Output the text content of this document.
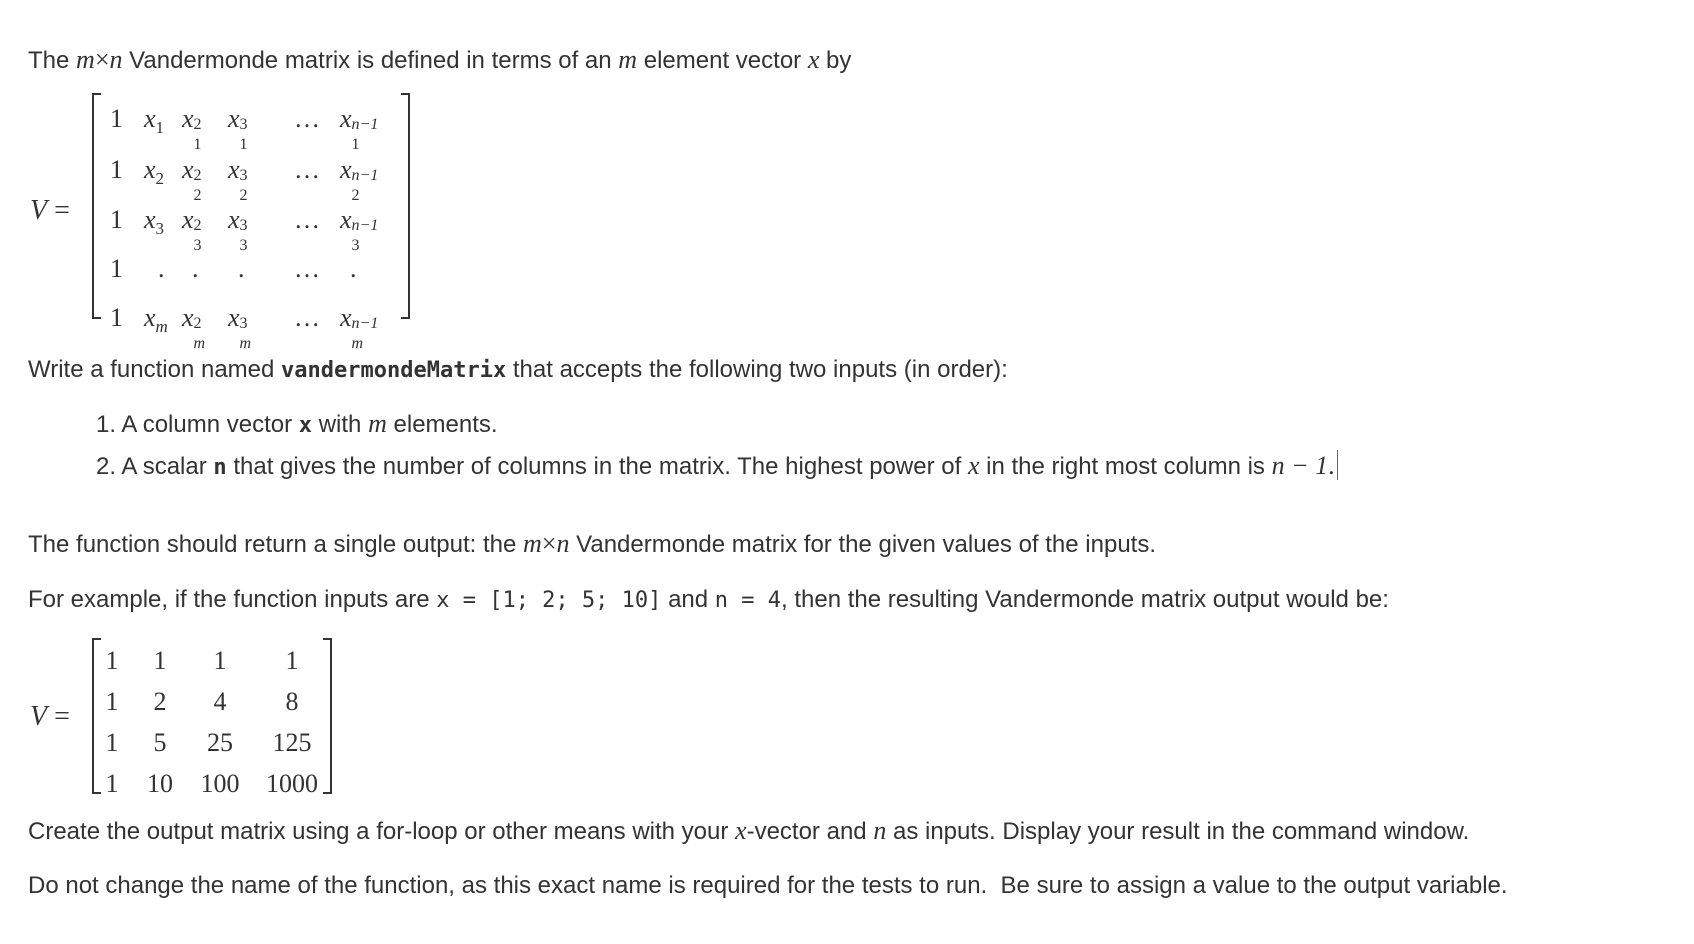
The m×n Vandermonde matrix is defined in terms of an m element vector x by
V =
1 $x_1$ x 2
1
x 3
1
… x n−1
1
1 $x_2$ x 2
2
x 3
2
… x n−1
2
1 $x_3$ x 2
3
x 3
3
… x n−1
3
1 . . . … .
1 $x_m$ x 2
m
x 3
m
… x n−1
m
Write a function named vandermondeMatrix that accepts the following two inputs (in order):
1. A column vector x with m elements.
2. A scalar n that gives the number of columns in the matrix. The highest power of x in the right most column is n − 1.
The function should return a single output: the m×n Vandermonde matrix for the given values of the inputs.
For example, if the function inputs are x = [1; 2; 5; 10] and n = 4, then the resulting Vandermonde matrix output would be:
V =
1 1 1 1
1 2 4 8
1 5 25 125
1 10 100 1000
Create the output matrix using a for-loop or other means with your x-vector and n as inputs. Display your result in the command window.
Do not change the name of the function, as this exact name is required for the tests to run.  Be sure to assign a value to the output variable.
